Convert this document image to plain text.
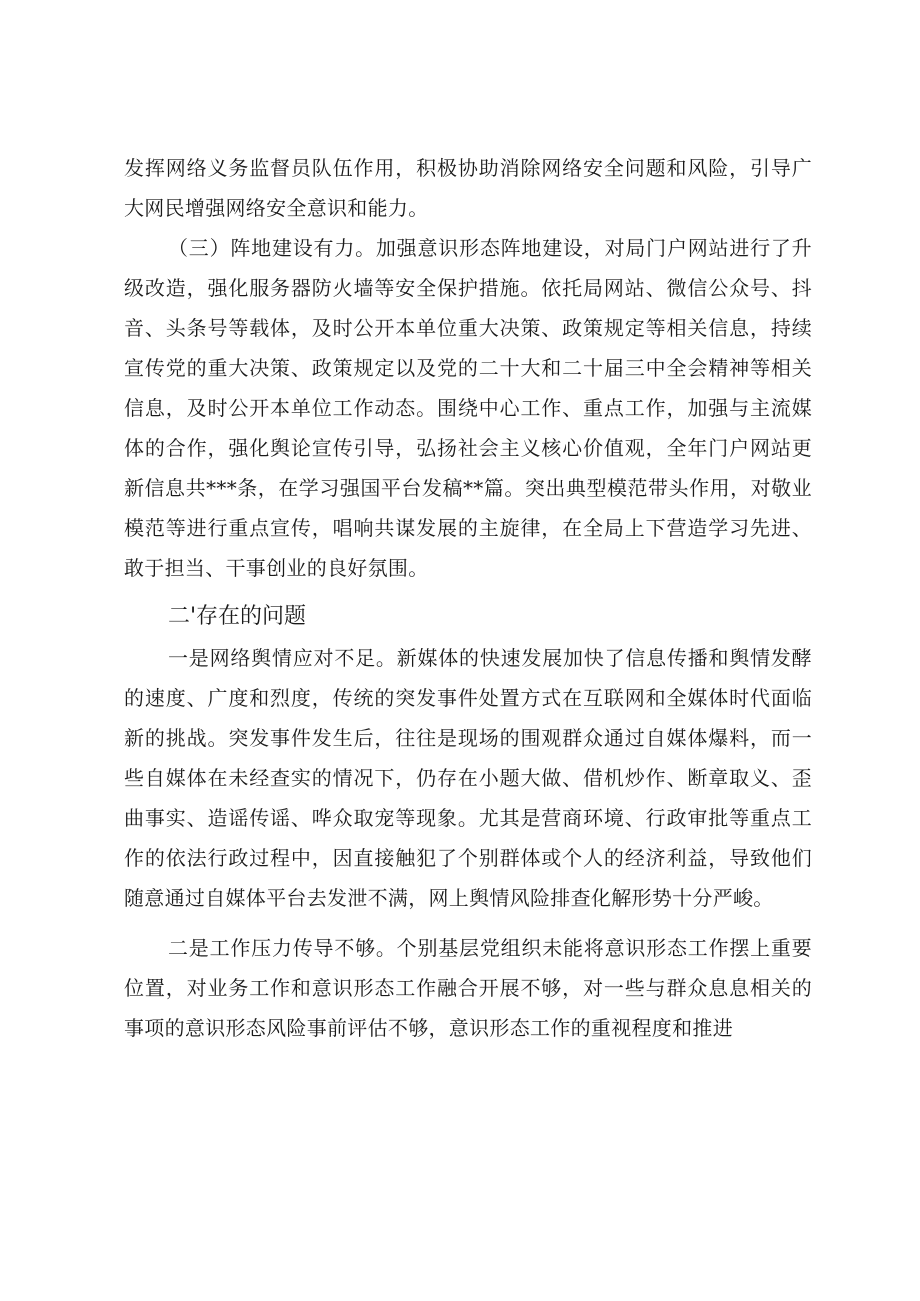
发挥网络义务监督员队伍作用，积极协助消除网络安全问题和风险，引导广大网民增强网络安全意识和能力。

（三）阵地建设有力。加强意识形态阵地建设，对局门户网站进行了升级改造，强化服务器防火墙等安全保护措施。依托局网站、微信公众号、抖音、头条号等载体，及时公开本单位重大决策、政策规定等相关信息，持续宣传党的重大决策、政策规定以及党的二十大和二十届三中全会精神等相关信息，及时公开本单位工作动态。围绕中心工作、重点工作，加强与主流媒体的合作，强化舆论宣传引导，弘扬社会主义核心价值观，全年门户网站更新信息共***条，在学习强国平台发稿**篇。突出典型模范带头作用，对敬业模范等进行重点宣传，唱响共谋发展的主旋律，在全局上下营造学习先进、敢于担当、干事创业的良好氛围。

二'存在的问题

一是网络舆情应对不足。新媒体的快速发展加快了信息传播和舆情发酵的速度、广度和烈度，传统的突发事件处置方式在互联网和全媒体时代面临新的挑战。突发事件发生后，往往是现场的围观群众通过自媒体爆料，而一些自媒体在未经查实的情况下，仍存在小题大做、借机炒作、断章取义、歪曲事实、造谣传谣、哗众取宠等现象。尤其是营商环境、行政审批等重点工作的依法行政过程中，因直接触犯了个别群体或个人的经济利益，导致他们随意通过自媒体平台去发泄不满，网上舆情风险排查化解形势十分严峻。

二是工作压力传导不够。个别基层党组织未能将意识形态工作摆上重要位置，对业务工作和意识形态工作融合开展不够，对一些与群众息息相关的事项的意识形态风险事前评估不够，意识形态工作的重视程度和推进
